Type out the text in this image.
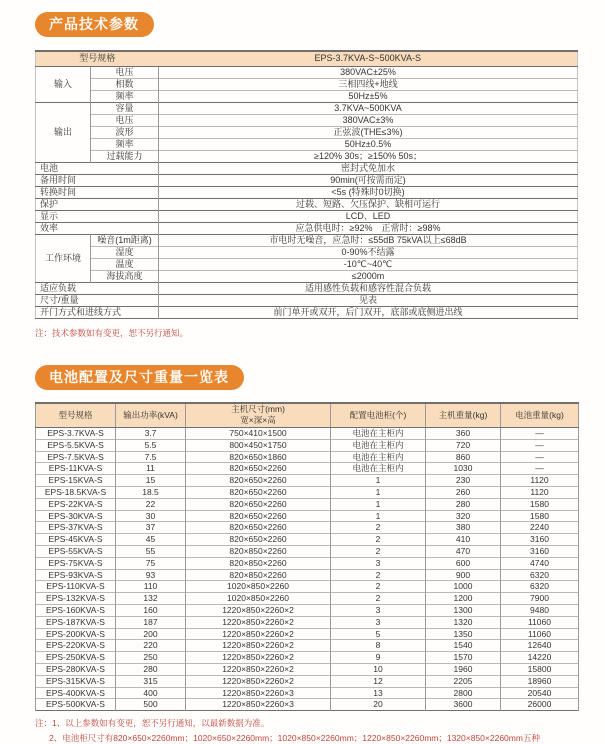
产品技术参数
型号规格		EPS-3.7KVA-S~500KVA-S
输入	电压	380VAC±25%
	相数	三相四线+地线
	频率	50Hz±5%
输出	容量	3.7KVA~500KVA
	电压	380VAC±3%
	波形	正弦波(THE≤3%)
	频率	50Hz±0.5%
	过载能力	≥120% 30s；≥150% 50s；
电池		密封式免加水
备用时间		90min(可按需而定)
转换时间		<5s (特殊时0切换)
保护		过载、短路、欠压保护、缺相可运行
显示		LCD、LED
效率		应急供电时：≥92%　正常时：≥98%
工作环境	噪音(1m距离)	市电时无噪音，应急时：≤55dB 75kVA以上≤68dB
	湿度	0-90%不结露
	温度	-10℃~40℃
	海拔高度	≤2000m
适应负载		适用感性负载和感容性混合负载
尺寸/重量		见表
开门方式和进线方式		前门单开或双开，后门双开，底部或底侧进出线
注：技术参数如有变更，恕不另行通知。
电池配置及尺寸重量一览表
型号规格	输出功率(kVA)	主机尺寸(mm)
宽×深×高	配置电池柜(个)	主机重量(kg)	电池重量(kg)
EPS-3.7KVA-S	3.7	750×410×1500	电池在主柜内	360	—
EPS-5.5KVA-S	5.5	800×450×1750	电池在主柜内	720	—
EPS-7.5KVA-S	7.5	820×650×1860	电池在主柜内	860	—
EPS-11KVA-S	11	820×650×2260	电池在主柜内	1030	—
EPS-15KVA-S	15	820×650×2260	1	230	1120
EPS-18.5KVA-S	18.5	820×650×2260	1	260	1120
EPS-22KVA-S	22	820×650×2260	1	280	1580
EPS-30KVA-S	30	820×650×2260	1	320	1580
EPS-37KVA-S	37	820×650×2260	2	380	2240
EPS-45KVA-S	45	820×650×2260	2	410	3160
EPS-55KVA-S	55	820×850×2260	2	470	3160
EPS-75KVA-S	75	820×850×2260	3	600	4740
EPS-93KVA-S	93	820×850×2260	2	900	6320
EPS-110KVA-S	110	1020×850×2260	2	1000	6320
EPS-132KVA-S	132	1020×850×2260	2	1200	7900
EPS-160KVA-S	160	1220×850×2260×2	3	1300	9480
EPS-187KVA-S	187	1220×850×2260×2	3	1320	11060
EPS-200KVA-S	200	1220×850×2260×2	5	1350	11060
EPS-220KVA-S	220	1220×850×2260×2	8	1540	12640
EPS-250KVA-S	250	1220×850×2260×2	9	1570	14220
EPS-280KVA-S	280	1220×850×2260×2	10	1960	15800
EPS-315KVA-S	315	1220×850×2260×2	12	2205	18960
EPS-400KVA-S	400	1220×850×2260×3	13	2800	20540
EPS-500KVA-S	500	1220×850×2260×3	20	3600	26000
注：1、以上参数如有变更，恕不另行通知，以最新数据为准。
2、电池柜尺寸有820×650×2260mm；1020×650×2260mm；1020×850×2260mm；1220×850×2260mm；1320×850×2260mm五种
